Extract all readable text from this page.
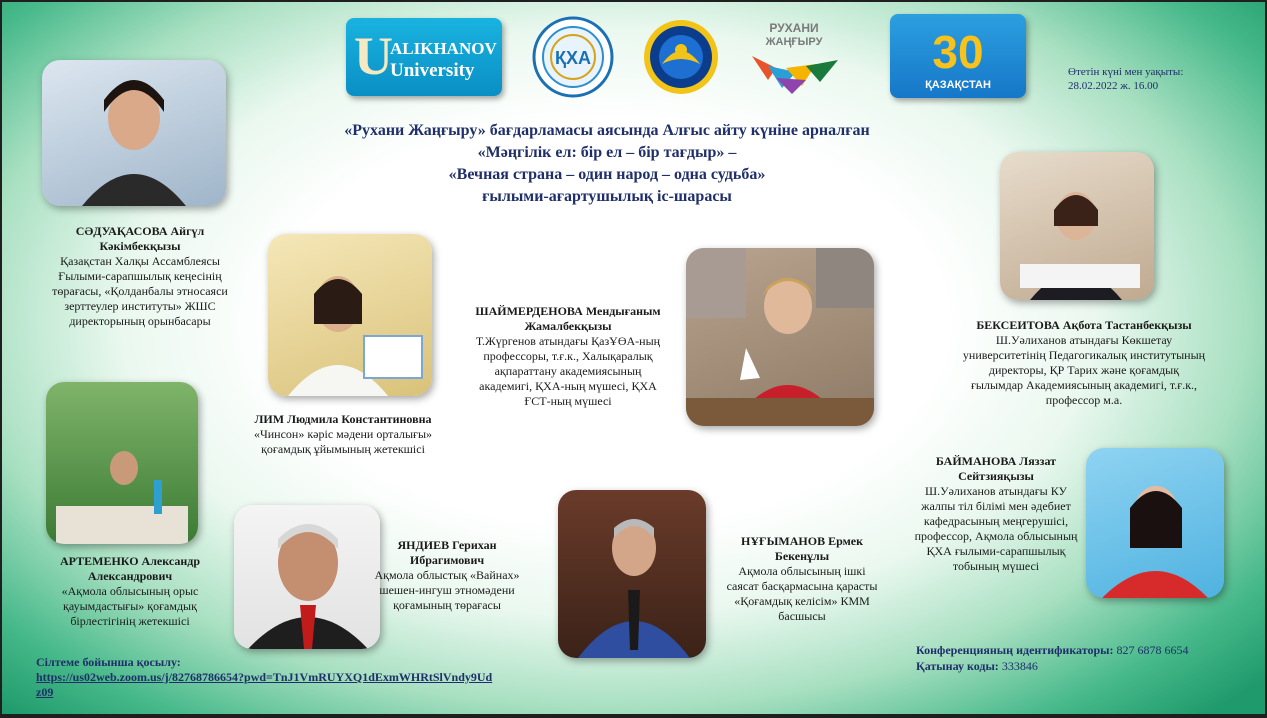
U
ALIKHANOV
University
ҚХА
РУХАНИ
ЖАҢҒЫРУ 30
ҚАЗАҚСТАН
Өтетін күні мен уақыты:
28.02.2022 ж. 16.00
«Рухани Жаңғыру» бағдарламасы аясында Алғыс айту күніне арналған
«Мәңгілік ел: бір ел – бір тағдыр» –
«Вечная страна – один народ – одна судьба»
ғылыми-ағартушылық іс-шарасы
СӘДУАҚАСОВА Айгүл Кәкімбекқызы
Қазақстан Халқы Ассамблеясы Ғылыми-сарапшылық кеңесінің төрағасы, «Қолданбалы этносаяси зерттеулер институты» ЖШС директорының орынбасары
ЛИМ Людмила Константиновна
«Чинсон» кәріс мәдени орталығы» қоғамдық ұйымының жетекшісі
ШАЙМЕРДЕНОВА Мендығаным Жамалбекқызы
Т.Жүргенов атындағы ҚазҰӨА-ның профессоры, т.ғ.к., Халықаралық ақпараттану академиясының академигі, ҚХА-ның мүшесі, ҚХА ҒСТ-ның мүшесі
БЕКСЕИТОВА Ақбота Тастанбекқызы
Ш.Уәлиханов атындағы Көкшетау университетінің Педагогикалық институтының директоры, ҚР Тарих және қоғамдық ғылымдар Академиясының академигі, т.ғ.к., профессор м.а.
АРТЕМЕНКО Александр Александрович
«Ақмола облысының орыс қауымдастығы» қоғамдық бірлестігінің жетекшісі
ЯНДИЕВ Герихан Ибрагимович
Ақмола облыстық «Вайнах» шешен-ингуш этномәдени қоғамының төрағасы
НҰҒЫМАНОВ Ермек Бекенұлы
Ақмола облысының ішкі саясат басқармасына қарасты «Қоғамдық келісім» КММ басшысы
БАЙМАНОВА Ляззат Сейтзияқызы
Ш.Уәлиханов атындағы КУ жалпы тіл білімі мен әдебиет кафедрасының меңгерушісі, профессор, Ақмола облысының ҚХА ғылыми-сарапшылық тобының мүшесі
Сілтеме бойынша қосылу:
https://us02web.zoom.us/j/82768786654?pwd=TnJ1VmRUYXQ1dExmWHRtSlVndy9Udz09
Конференцияның идентификаторы: 827 6878 6654
Қатынау коды: 333846
